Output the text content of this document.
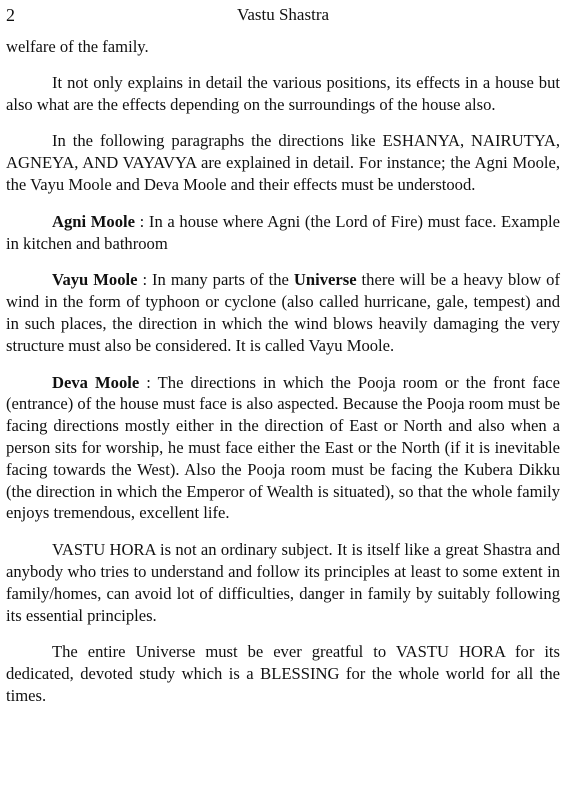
2	Vastu Shastra

welfare of the family.

It not only explains in detail the various positions, its effects in a house but also what are the effects depending on the surroundings of the house also.

In the following paragraphs the directions like ESHANYA, NAIRUTYA, AGNEYA, AND VAYAVYA are explained in detail. For instance; the Agni Moole, the Vayu Moole and Deva Moole and their effects must be understood.

Agni Moole : In a house where Agni (the Lord of Fire) must face. Example in kitchen and bathroom

Vayu Moole : In many parts of the Universe there will be a heavy blow of wind in the form of typhoon or cyclone (also called hurricane, gale, tempest) and in such places, the direction in which the wind blows heavily damaging the very structure must also be considered. It is called Vayu Moole.

Deva Moole : The directions in which the Pooja room or the front face (entrance) of the house must face is also aspected. Because the Pooja room must be facing directions mostly either in the direction of East or North and also when a person sits for worship, he must face either the East or the North (if it is inevitable facing towards the West). Also the Pooja room must be facing the Kubera Dikku (the direction in which the Emperor of Wealth is situated), so that the whole family enjoys tremendous, excellent life.

VASTU HORA is not an ordinary subject. It is itself like a great Shastra and anybody who tries to understand and follow its principles at least to some extent in family/homes, can avoid lot of difficulties, danger in family by suitably following its essential principles.

The entire Universe must be ever greatful to VASTU HORA for its dedicated, devoted study which is a BLESSING for the whole world for all the times.
